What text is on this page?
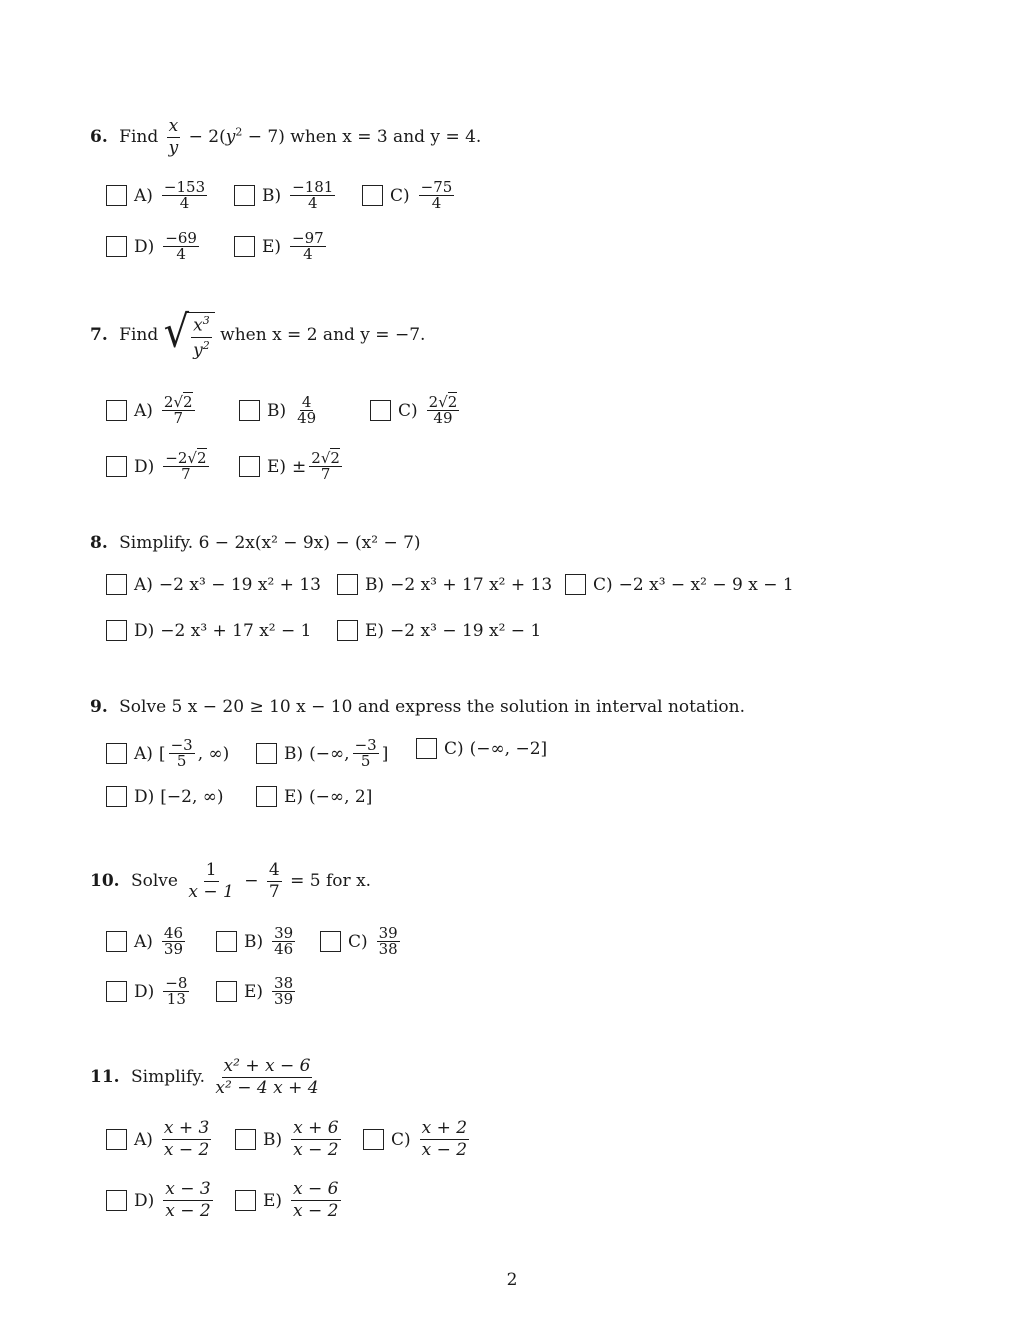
6. Find $\frac{x}{y} - 2(y^2 - 7)$ when x = 3 and y = 4.
$A) \frac{-153}{4}$	$B) \frac{-181}{4}$	$C) \frac{-75}{4}$
$D) \frac{-69}{4}$	$E) \frac{-97}{4}$
7. Find √ $\frac{x^3}{y^2}$ when x = 2 and y = −7.
$A) \frac{2√2}{7}$	$B) \frac{4}{49}$	$C) \frac{2√2}{49}$
$D) \frac{-2√2}{7}$	$E) \pm \frac{2√2}{7}$
8. Simplify. 6 − 2x(x² − 9x) − (x² − 7)
A) −2 x³ − 19 x² + 13	B) −2 x³ + 17 x² + 13 C) −2 x³ − x² − 9 x − 1
D) −2 x³ + 17 x² − 1	E) −2 x³ − 19 x² − 1
9. Solve 5 x − 20 ≥ 10 x − 10 and express the solution in interval notation.
A) [ $\frac{-3}{5}$ , ∞)	B) (−∞, $\frac{-3}{5}$ ]	C) (−∞, −2]
D) [−2, ∞)	E) (−∞, 2]
10. Solve $\frac{1}{x - 1} - \frac{4}{7} = 5$ for x.
$A) \frac{46}{39}$	$B) \frac{39}{46}$	$C) \frac{39}{38}$
$D) \frac{-8}{13}$	$E) \frac{38}{39}$
11. Simplify. $\frac{\text{x² + x − 6}}{\text{x² − 4 x + 4}}$
$A) \frac{x + 3}{x - 2}$	$B) \frac{x + 6}{x - 2}$	$C) \frac{x + 2}{x - 2}$
$D) \frac{x - 3}{x - 2}$	$E) \frac{x - 6}{x - 2}$
2
